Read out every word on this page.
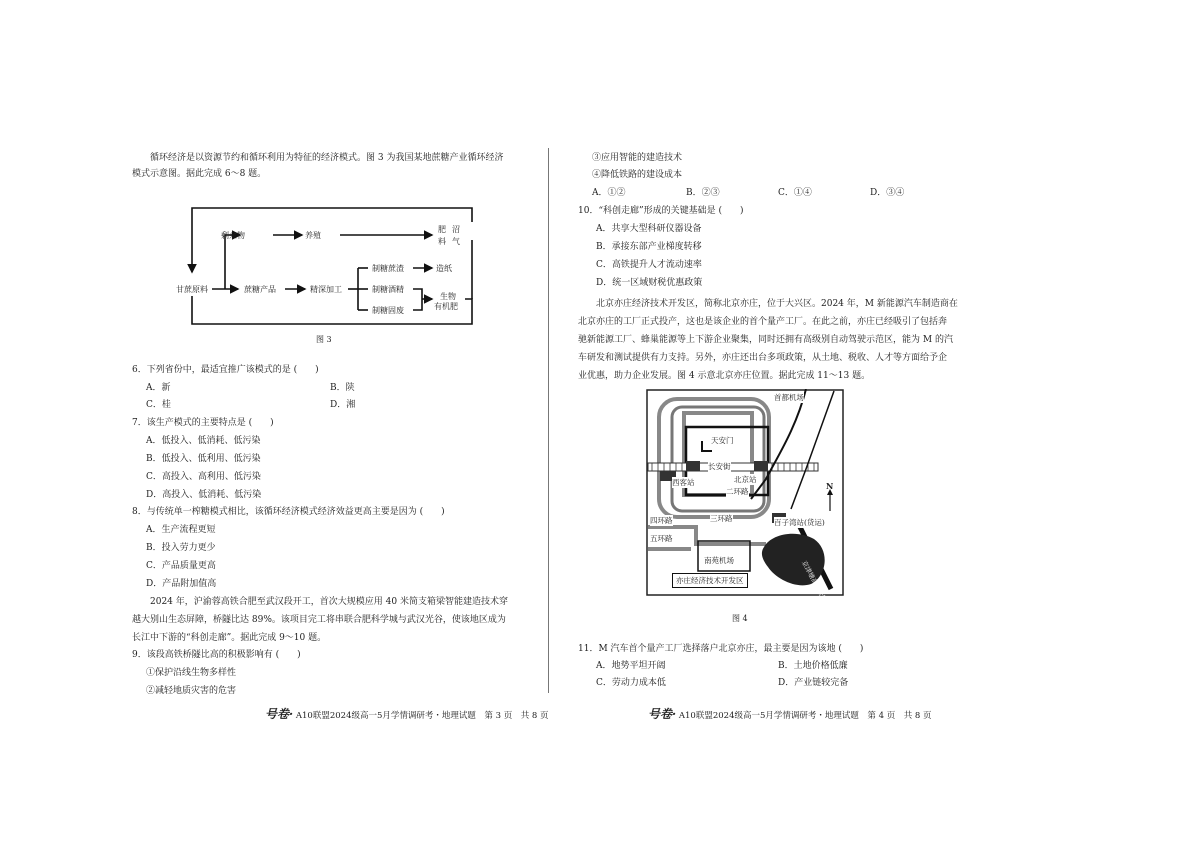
循环经济是以资源节约和循环利用为特征的经济模式。图 3 为我国某地蔗糖产业循环经济
模式示意图。据此完成 6～8 题。
剩余物	养殖
肥
料
沼
气
甘蔗原料	蔗糖产品	精深加工
制糖蔗渣
制糖酒精
制糖固废
造纸
生物
有机肥
图 3
6．下列省份中，最适宜推广该模式的是 (　　)
A．新	B．陕
C．桂	D．湘
7．该生产模式的主要特点是 (　　)
A．低投入、低消耗、低污染
B．低投入、低利用、低污染
C．高投入、高利用、低污染
D．高投入、低消耗、低污染
8．与传统单一榨糖模式相比，该循环经济模式经济效益更高主要是因为 (　　)
A．生产流程更短
B．投入劳力更少
C．产品质量更高
D．产品附加值高
2024 年，沪渝蓉高铁合肥至武汉段开工，首次大规模应用 40 米简支箱梁智能建造技术穿
越大别山生态屏障，桥隧比达 89%。该项目完工将串联合肥科学城与武汉光谷，使该地区成为
长江中下游的“科创走廊”。据此完成 9～10 题。
9．该段高铁桥隧比高的积极影响有 (　　)
①保护沿线生物多样性
②减轻地质灾害的危害
号卷· A10联盟2024级高一5月学情调研考・地理试题　第 3 页　共 8 页
③应用智能的建造技术
④降低铁路的建设成本
A．①②	B．②③	C．①④	D．③④
10．“科创走廊”形成的关键基础是 (　　)
A．共享大型科研仪器设备
B．承接东部产业梯度转移
C．高铁提升人才流动速率
D．统一区域财税优惠政策
北京亦庄经济技术开发区，简称北京亦庄，位于大兴区。2024 年，M 新能源汽车制造商在
北京亦庄的工厂正式投产，这也是该企业的首个量产工厂。在此之前，亦庄已经吸引了包括奔
驰新能源工厂、蜂巢能源等上下游企业聚集，同时还拥有高级别自动驾驶示范区，能为 M 的汽
车研发和测试提供有力支持。另外，亦庄还出台多项政策，从土地、税收、人才等方面给予企
业优惠，助力企业发展。图 4 示意北京亦庄位置。据此完成 11～13 题。
首都机场
天安门
长安街
北京站
西客站
二环路
四环路	三环路
五环路
百子湾站(货运)
南苑机场
亦庄经济技术开发区	京津塘高速公路
N
图 4
11．M 汽车首个量产工厂选择落户北京亦庄，最主要是因为该地 (　　)
A．地势平坦开阔	B．土地价格低廉
C．劳动力成本低	D．产业链较完备
号卷· A10联盟2024级高一5月学情调研考・地理试题　第 4 页　共 8 页
